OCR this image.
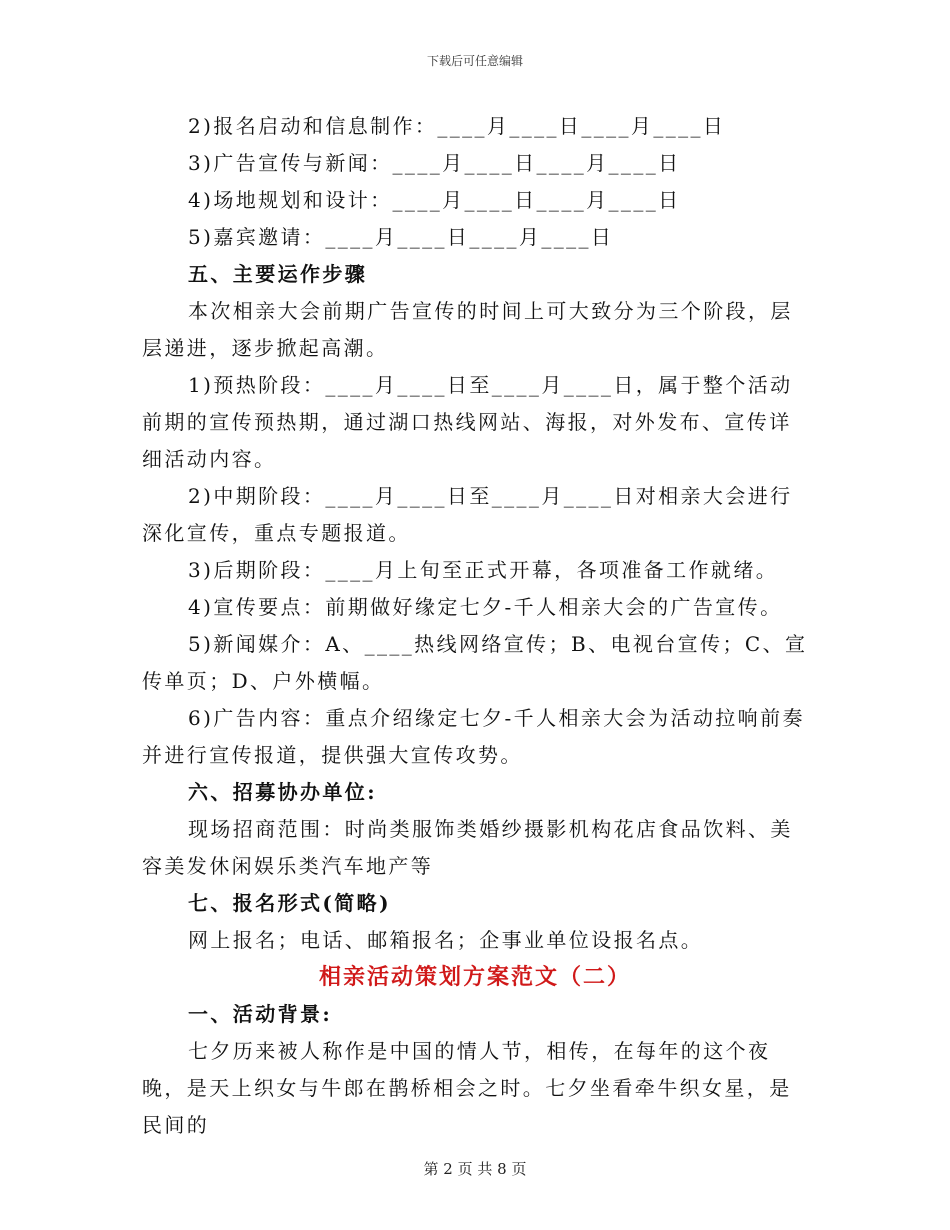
下载后可任意编辑
2)报名启动和信息制作：____月____日____月____日
3)广告宣传与新闻：____月____日____月____日
4)场地规划和设计：____月____日____月____日
5)嘉宾邀请：____月____日____月____日
五、主要运作步骤

本次相亲大会前期广告宣传的时间上可大致分为三个阶段，层层递进，逐步掀起高潮。

1)预热阶段：____月____日至____月____日，属于整个活动前期的宣传预热期，通过湖口热线网站、海报，对外发布、宣传详细活动内容。

2)中期阶段：____月____日至____月____日对相亲大会进行深化宣传，重点专题报道。

3)后期阶段：____月上旬至正式开幕，各项准备工作就绪。

4)宣传要点：前期做好缘定七夕-千人相亲大会的广告宣传。

5)新闻媒介：A、____热线网络宣传；B、电视台宣传；C、宣传单页；D、户外横幅。

6)广告内容：重点介绍缘定七夕-千人相亲大会为活动拉响前奏并进行宣传报道，提供强大宣传攻势。

六、招募协办单位:

现场招商范围：时尚类服饰类婚纱摄影机构花店食品饮料、美容美发休闲娱乐类汽车地产等

七、报名形式(简略)

网上报名；电话、邮箱报名；企事业单位设报名点。

相亲活动策划方案范文（二）
一、活动背景:

七夕历来被人称作是中国的情人节，相传，在每年的这个夜晚，是天上织女与牛郎在鹊桥相会之时。七夕坐看牵牛织女星，是民间的

第 2 页 共 8 页
